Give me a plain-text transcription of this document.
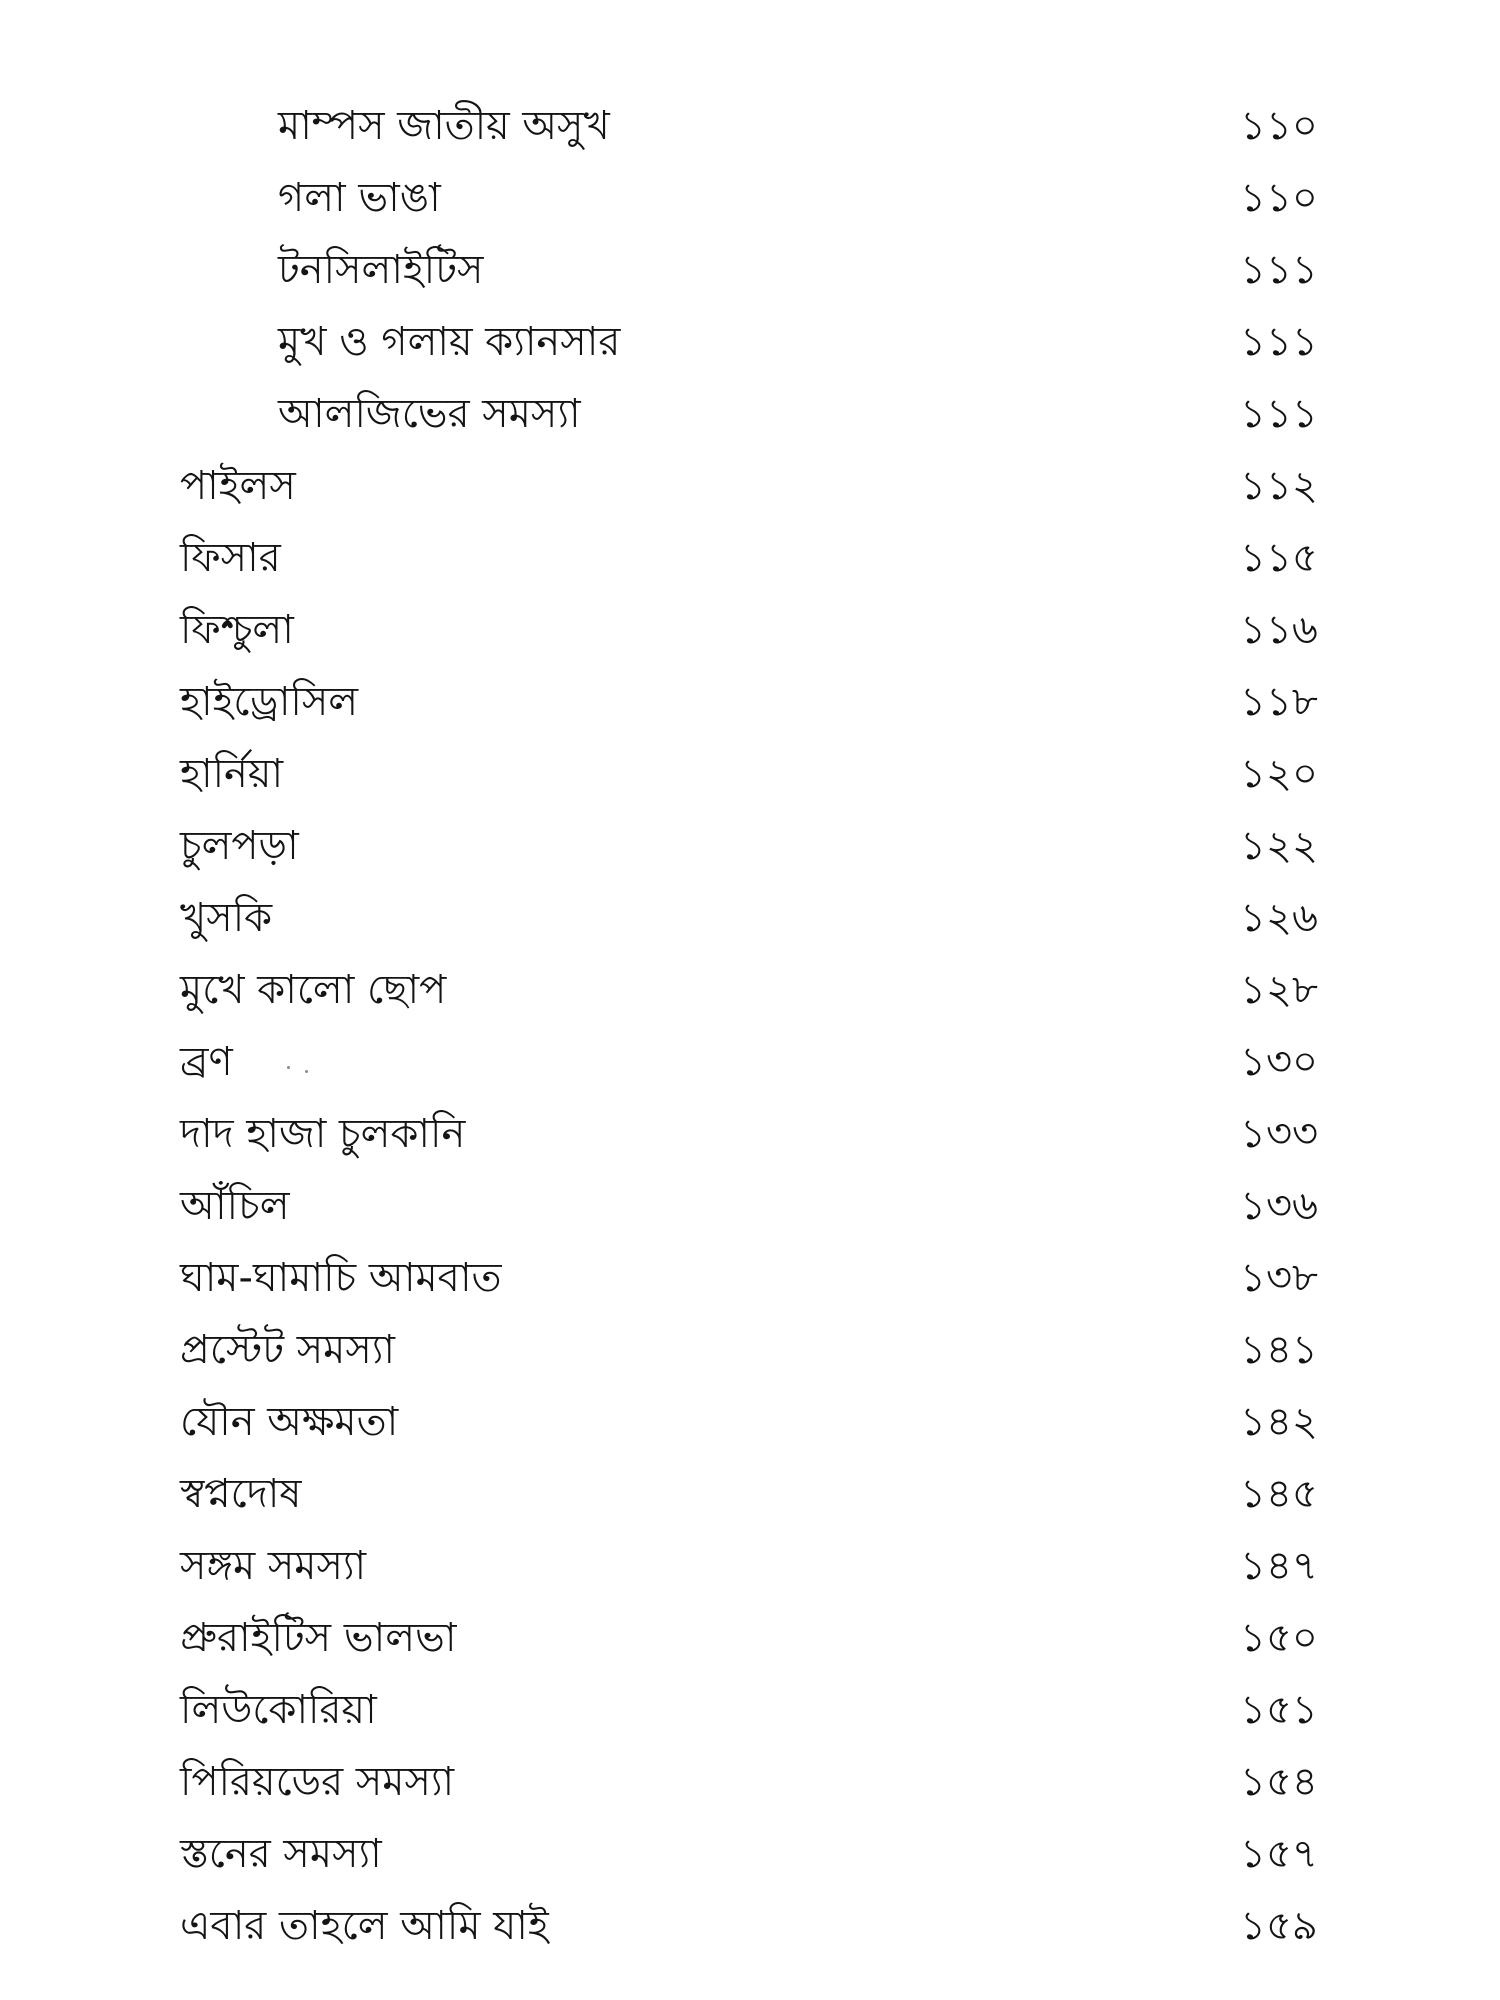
মাম্পস জাতীয় অসুখ	১১০
গলা ভাঙা	১১০
টনসিলাইটিস	১১১
মুখ ও গলায় ক্যানসার	১১১
আলজিভের সমস্যা	১১১
পাইলস	১১২
ফিসার	১১৫
ফিশ্চুলা	১১৬
হাইড্রোসিল	১১৮
হার্নিয়া	১২০
চুলপড়া	১২২
খুসকি	১২৬
মুখে কালো ছোপ	১২৮
ব্রণ	১৩০
দাদ হাজা চুলকানি	১৩৩
আঁচিল	১৩৬
ঘাম-ঘামাচি আমবাত	১৩৮
প্রস্টেট সমস্যা	১৪১
যৌন অক্ষমতা	১৪২
স্বপ্নদোষ	১৪৫
সঙ্গম সমস্যা	১৪৭
প্রুরাইটিস ভালভা	১৫০
লিউকোরিয়া	১৫১
পিরিয়ডের সমস্যা	১৫৪
স্তনের সমস্যা	১৫৭
এবার তাহলে আমি যাই	১৫৯
